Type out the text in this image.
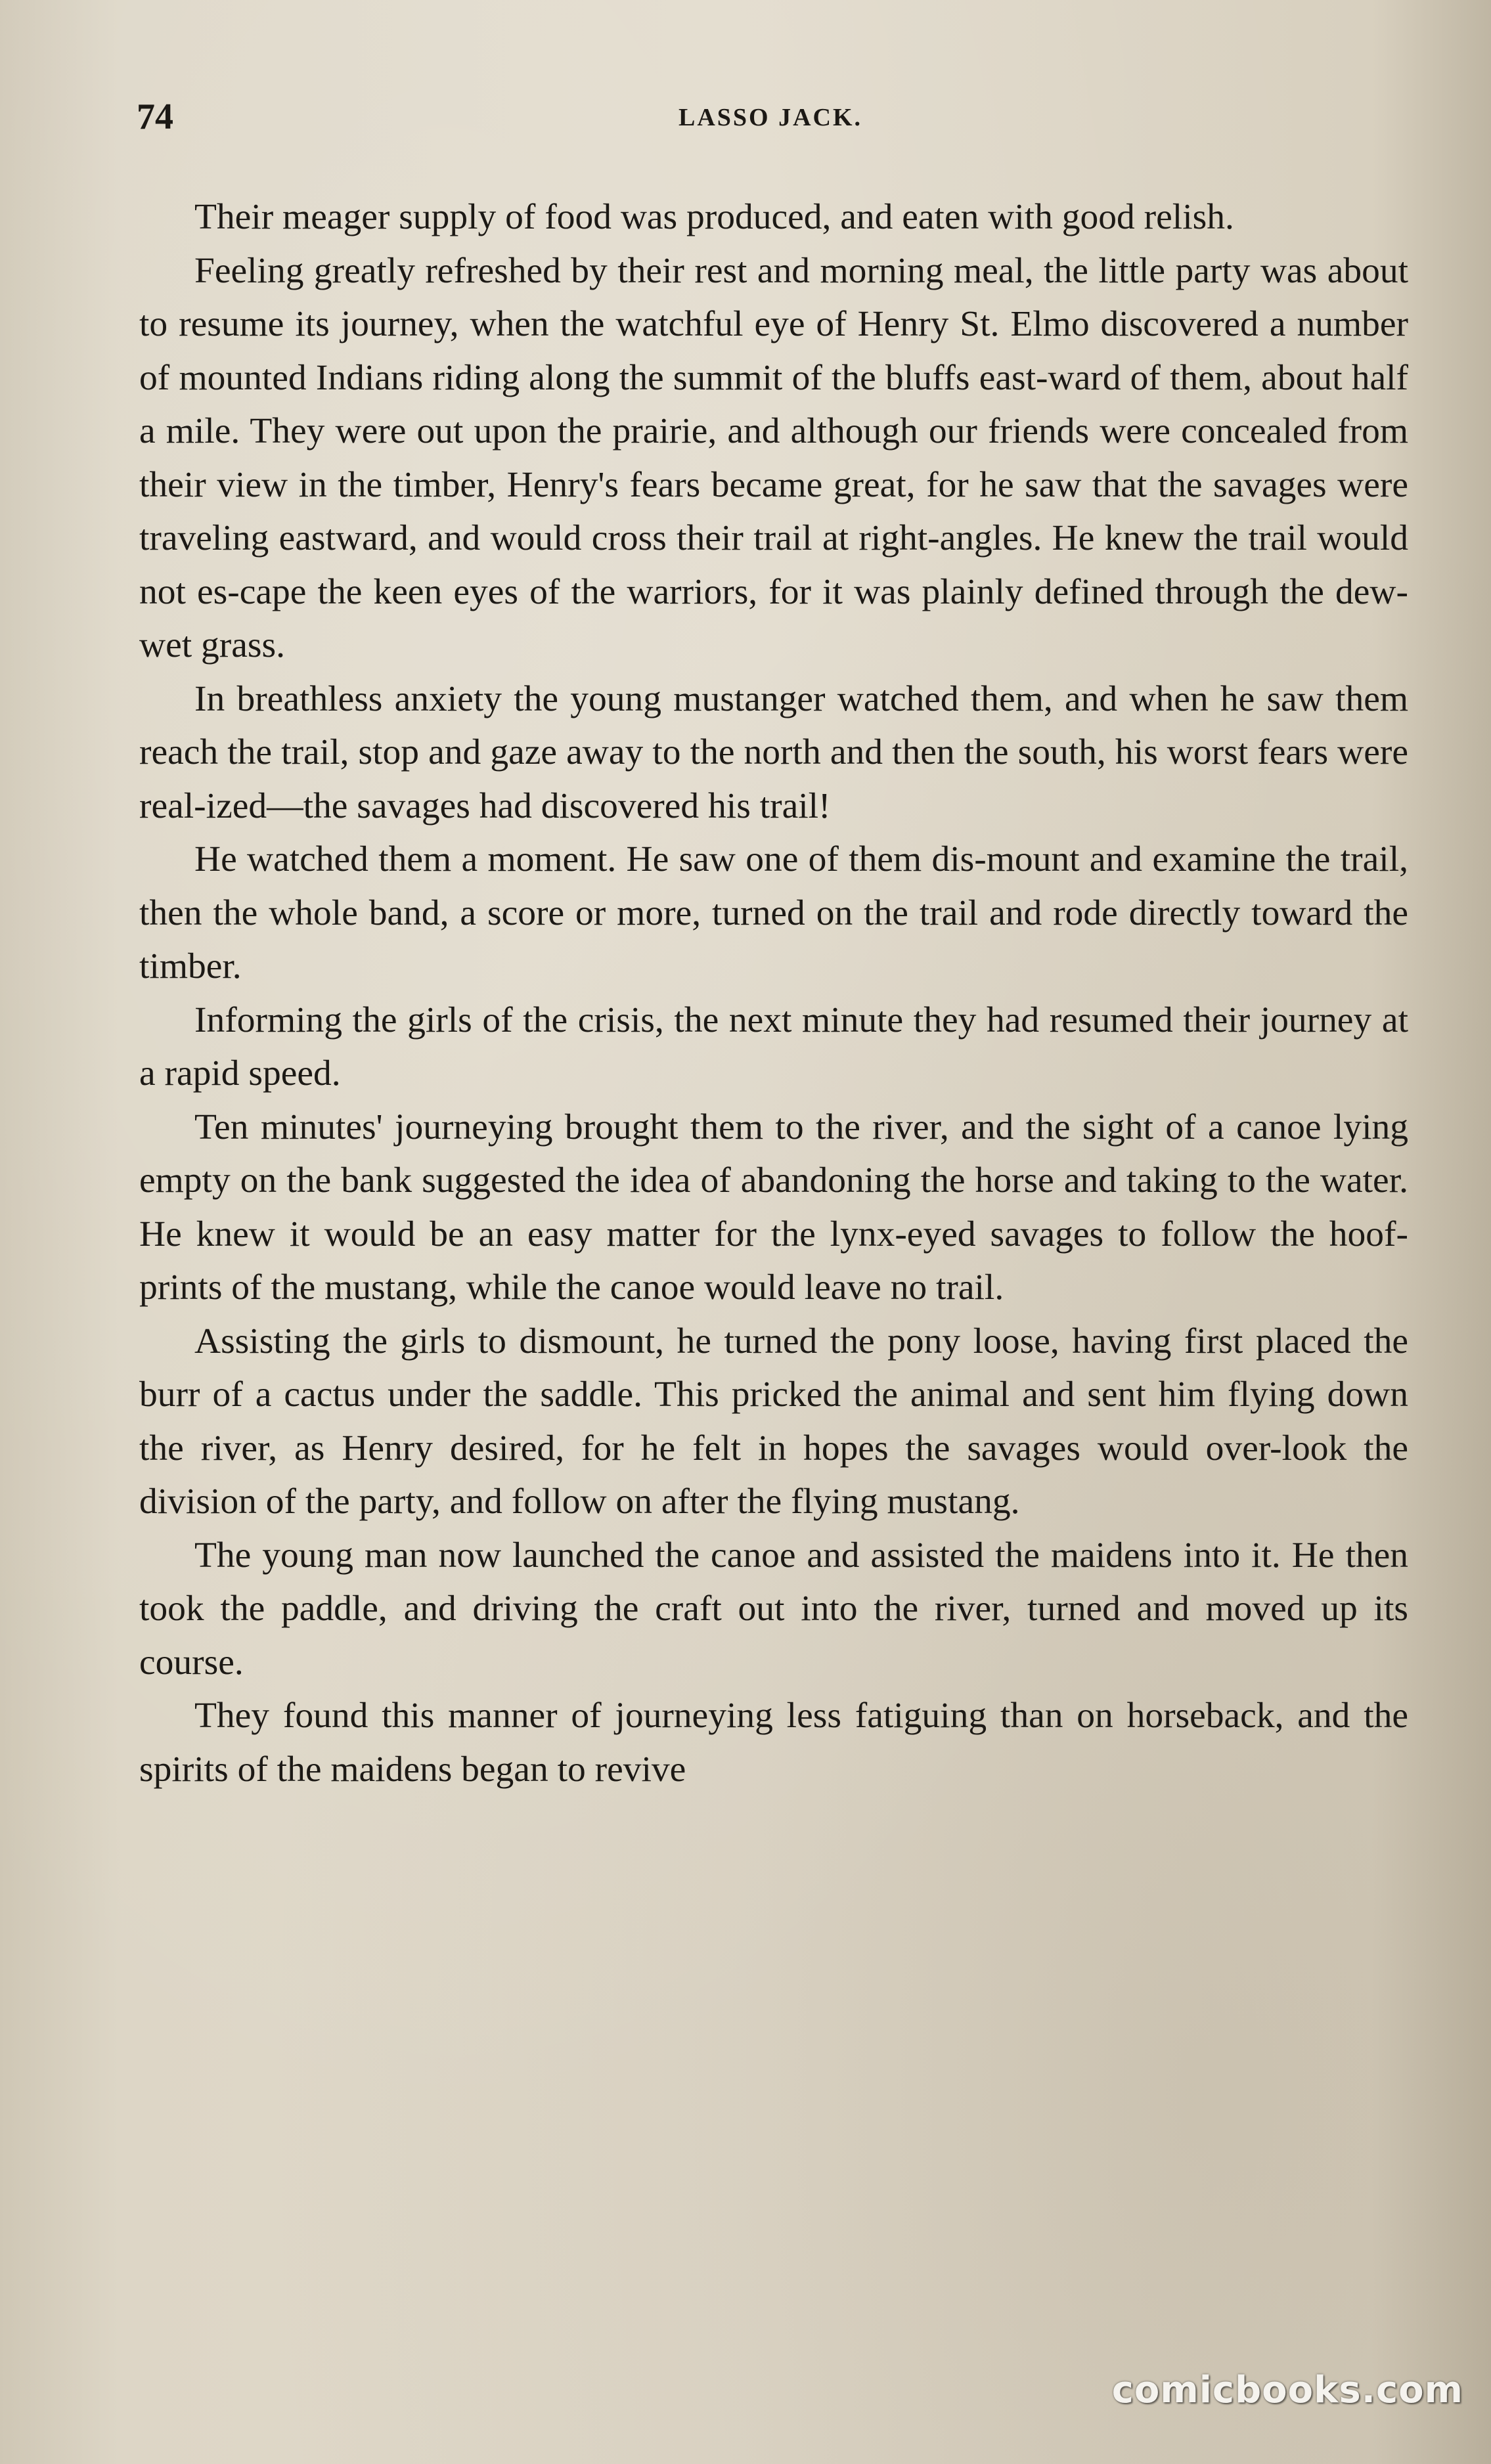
74	LASSO JACK.

Their meager supply of food was produced, and eaten with good relish.

Feeling greatly refreshed by their rest and morning meal, the little party was about to resume its journey, when the watchful eye of Henry St. Elmo discovered a number of mounted Indians riding along the summit of the bluffs east-ward of them, about half a mile. They were out upon the prairie, and although our friends were concealed from their view in the timber, Henry's fears became great, for he saw that the savages were traveling eastward, and would cross their trail at right-angles. He knew the trail would not es-cape the keen eyes of the warriors, for it was plainly defined through the dew-wet grass.

In breathless anxiety the young mustanger watched them, and when he saw them reach the trail, stop and gaze away to the north and then the south, his worst fears were real-ized—the savages had discovered his trail!

He watched them a moment. He saw one of them dis-mount and examine the trail, then the whole band, a score or more, turned on the trail and rode directly toward the timber.

Informing the girls of the crisis, the next minute they had resumed their journey at a rapid speed.

Ten minutes' journeying brought them to the river, and the sight of a canoe lying empty on the bank suggested the idea of abandoning the horse and taking to the water. He knew it would be an easy matter for the lynx-eyed savages to follow the hoof-prints of the mustang, while the canoe would leave no trail.

Assisting the girls to dismount, he turned the pony loose, having first placed the burr of a cactus under the saddle. This pricked the animal and sent him flying down the river, as Henry desired, for he felt in hopes the savages would over-look the division of the party, and follow on after the flying mustang.

The young man now launched the canoe and assisted the maidens into it. He then took the paddle, and driving the craft out into the river, turned and moved up its course.

They found this manner of journeying less fatiguing than on horseback, and the spirits of the maidens began to revive

comicbooks.com
